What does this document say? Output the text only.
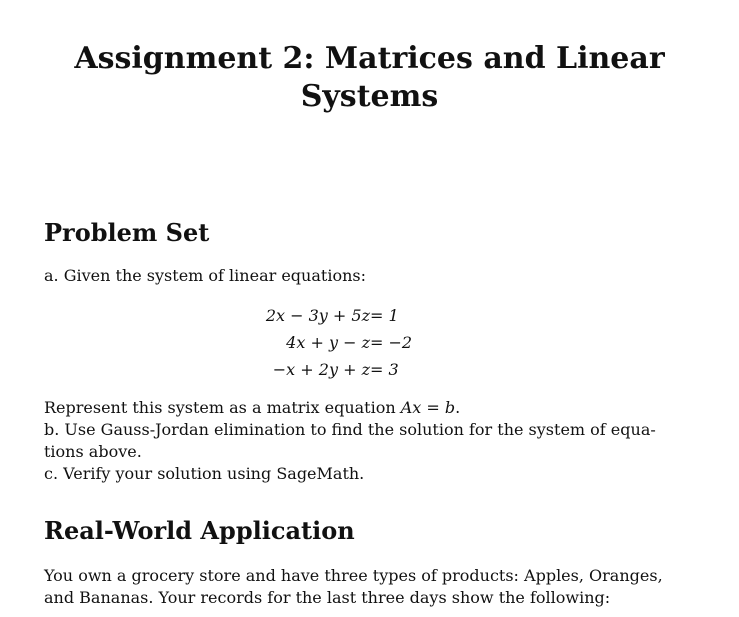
Assignment 2: Matrices and Linear
Systems
Problem Set
a. Given the system of linear equations:
2x − 3y + 5z = 1
4x + y − z = −2
−x + 2y + z = 3
Represent this system as a matrix equation Ax = b.
b. Use Gauss-Jordan elimination to find the solution for the system of equa-
tions above.
c. Verify your solution using SageMath.
Real-World Application
You own a grocery store and have three types of products: Apples, Oranges,
and Bananas. Your records for the last three days show the following:
